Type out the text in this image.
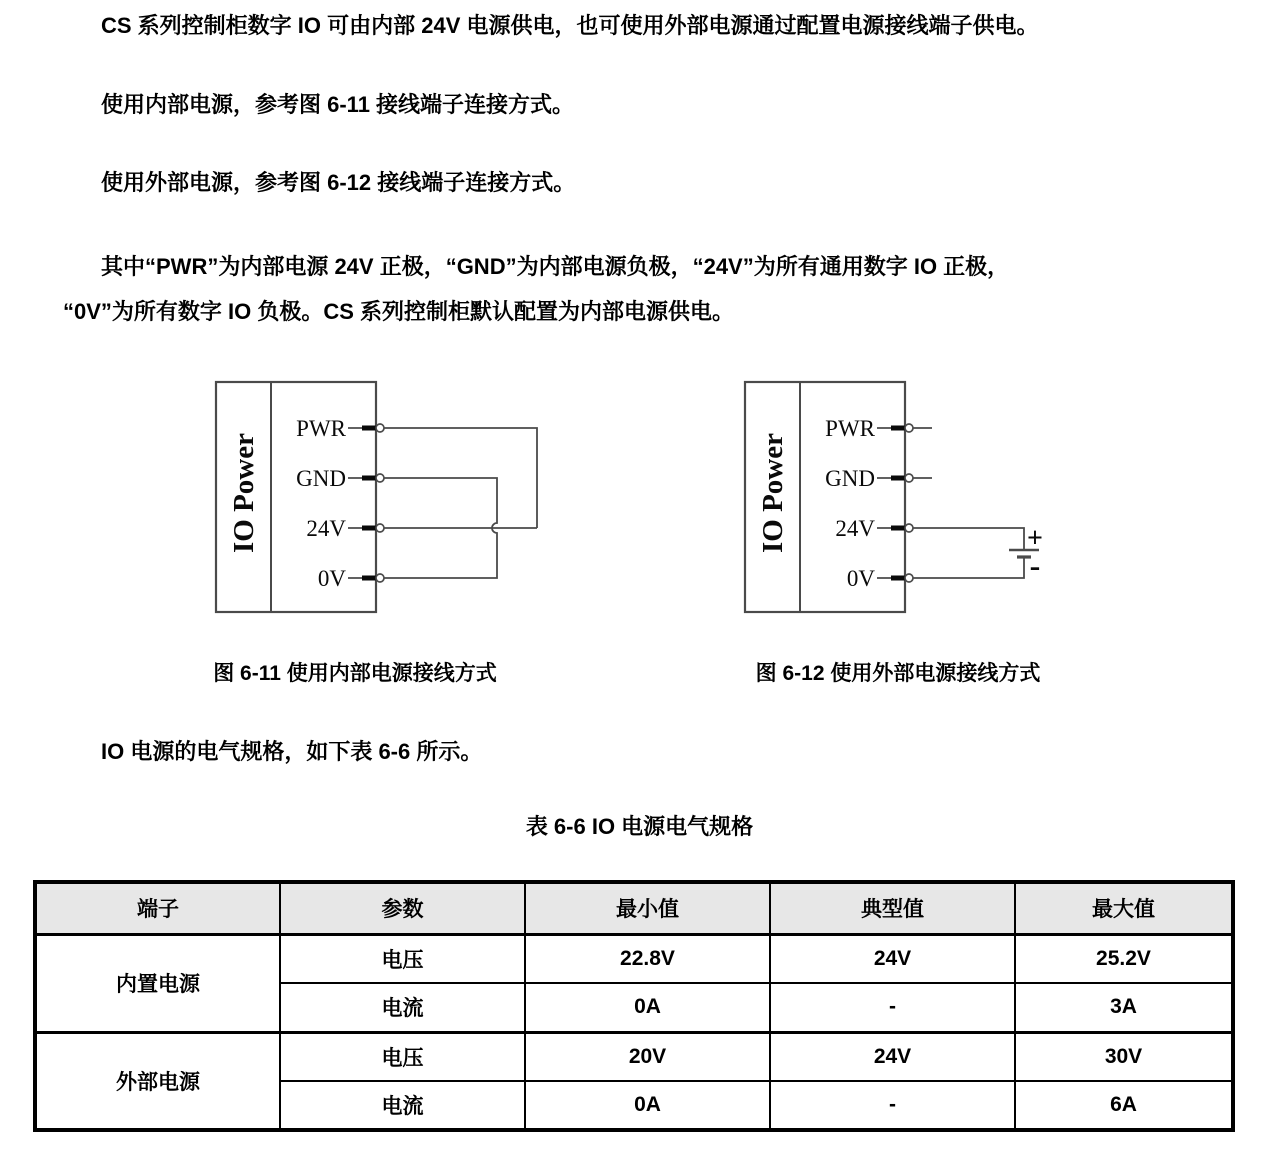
CS 系列控制柜数字 IO 可由内部 24V 电源供电，也可使用外部电源通过配置电源接线端子供电。
使用内部电源，参考图 6-11 接线端子连接方式。
使用外部电源，参考图 6-12 接线端子连接方式。
其中“PWR”为内部电源 24V 正极，“GND”为内部电源负极，“24V”为所有通用数字 IO 正极，
“0V”为所有数字 IO 负极。CS 系列控制柜默认配置为内部电源供电。
IO Power
PWR
GND
24V
0V
IO Power	+
-
PWR
GND
24V
0V
图 6-11 使用内部电源接线方式	图 6-12 使用外部电源接线方式
IO 电源的电气规格，如下表 6-6 所示。
表 6-6 IO 电源电气规格
端子	参数	最小值	典型值	最大值
内置电源	电压	22.8V	24V	25.2V
	电流	0A	-	3A
外部电源	电压	20V	24V	30V
	电流	0A	-	6A
